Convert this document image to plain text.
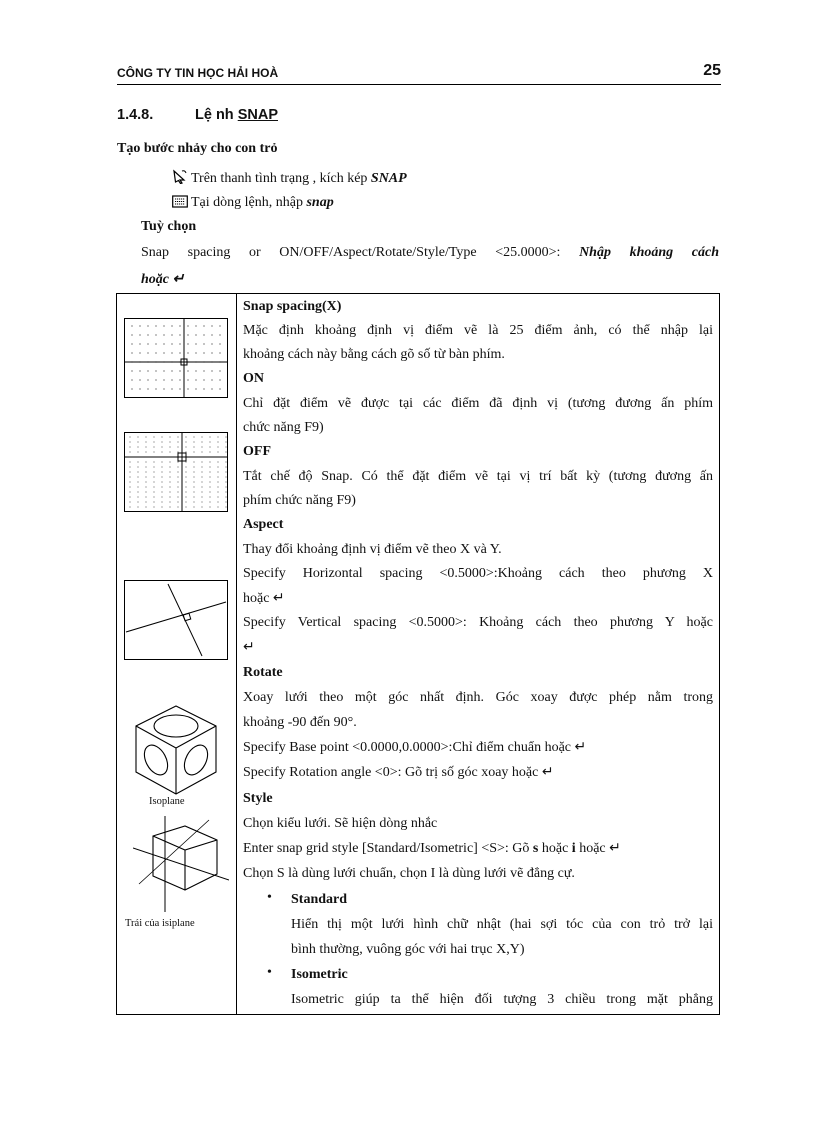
CÔNG TY TIN HỌC HẢI HOÀ	25
1.4.8.	Lệ nh SNAP
Tạo bước nhảy cho con trỏ
Trên thanh tình trạng , kích kép SNAP
Tại dòng lệnh, nhập snap
Tuỳ chọn
Snap spacing or ON/OFF/Aspect/Rotate/Style/Type <25.0000>: Nhập khoảng cách
hoặc ↵
Isoplane
Trái của isiplane

Snap spacing(X)
Mặc định khoảng định vị điểm vẽ là 25 điểm ảnh, có thể nhập lại
khoảng cách này bằng cách gõ số từ bàn phím.
ON
Chỉ đặt điểm vẽ được tại các điểm đã định vị (tương đương ấn phím
chức năng F9)
OFF
Tắt chế độ Snap. Có thể đặt điểm vẽ tại vị trí bất kỳ (tương đương ấn
phím chức năng F9)
Aspect
Thay đổi khoảng định vị điểm vẽ theo X và Y.
Specify Horizontal spacing <0.5000>:Khoảng cách theo phương X
hoặc ↵
Specify Vertical spacing <0.5000>: Khoảng cách theo phương Y hoặc
↵
Rotate
Xoay lưới theo một góc nhất định. Góc xoay được phép nằm trong
khoảng -90 đến 90°.
Specify Base point <0.0000,0.0000>:Chỉ điểm chuẩn hoặc ↵
Specify Rotation angle <0>: Gõ trị số góc xoay hoặc ↵
Style
Chọn kiểu lưới. Sẽ hiện dòng nhắc
Enter snap grid style [Standard/Isometric] <S>: Gõ s hoặc i hoặc ↵
Chọn S là dùng lưới chuẩn, chọn I là dùng lưới vẽ đẳng cự.
• Standard
Hiển thị một lưới hình chữ nhật (hai sợi tóc của con trỏ trở lại
bình thường, vuông góc với hai trục X,Y)
• Isometric
Isometric giúp ta thể hiện đối tượng 3 chiều trong mặt phẳng
